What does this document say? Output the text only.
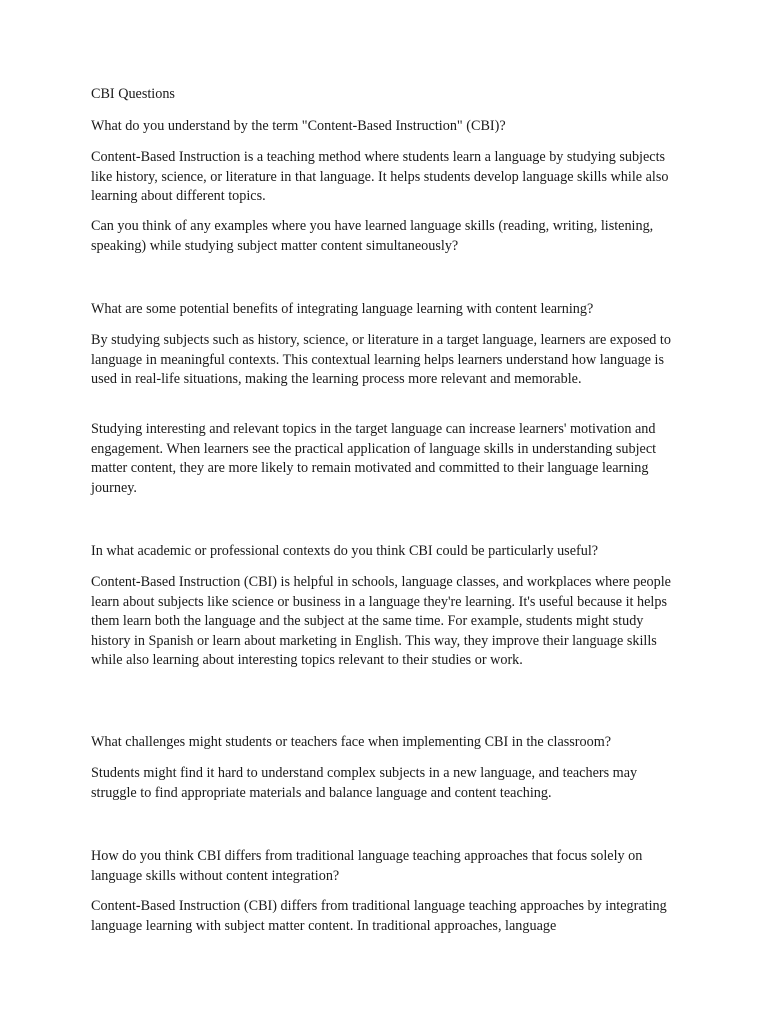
CBI Questions

What do you understand by the term "Content-Based Instruction" (CBI)?

Content-Based Instruction is a teaching method where students learn a language by studying subjects like history, science, or literature in that language. It helps students develop language skills while also learning about different topics.

Can you think of any examples where you have learned language skills (reading, writing, listening, speaking) while studying subject matter content simultaneously?

What are some potential benefits of integrating language learning with content learning?

By studying subjects such as history, science, or literature in a target language, learners are exposed to language in meaningful contexts. This contextual learning helps learners understand how language is used in real-life situations, making the learning process more relevant and memorable.

Studying interesting and relevant topics in the target language can increase learners' motivation and engagement. When learners see the practical application of language skills in understanding subject matter content, they are more likely to remain motivated and committed to their language learning journey.

In what academic or professional contexts do you think CBI could be particularly useful?

Content-Based Instruction (CBI) is helpful in schools, language classes, and workplaces where people learn about subjects like science or business in a language they're learning. It's useful because it helps them learn both the language and the subject at the same time. For example, students might study history in Spanish or learn about marketing in English. This way, they improve their language skills while also learning about interesting topics relevant to their studies or work.

What challenges might students or teachers face when implementing CBI in the classroom?

Students might find it hard to understand complex subjects in a new language, and teachers may struggle to find appropriate materials and balance language and content teaching.

How do you think CBI differs from traditional language teaching approaches that focus solely on language skills without content integration?

Content-Based Instruction (CBI) differs from traditional language teaching approaches by integrating language learning with subject matter content. In traditional approaches, language
